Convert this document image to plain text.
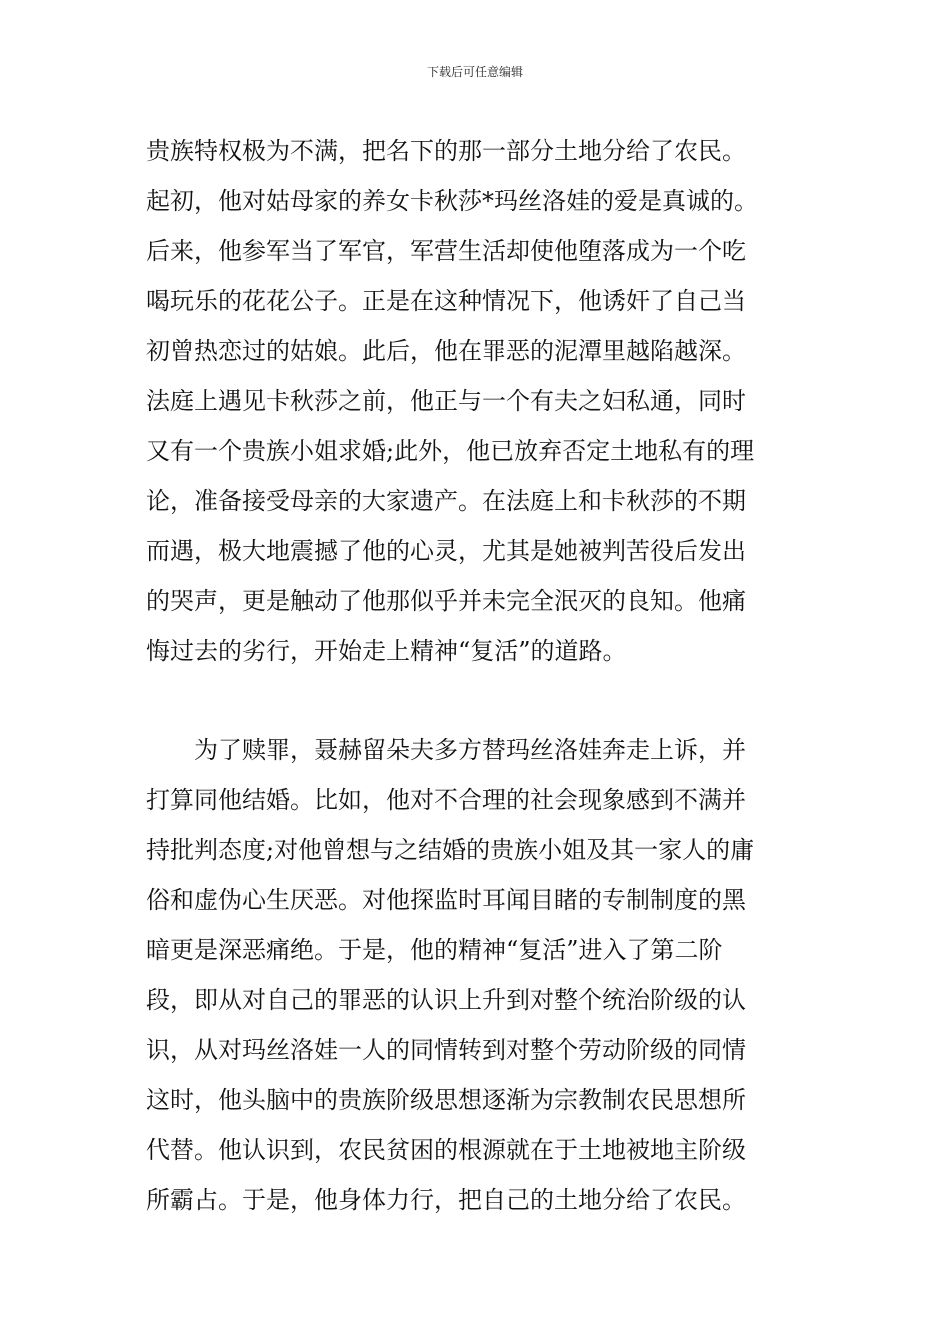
下载后可任意编辑
贵族特权极为不满，把名下的那一部分土地分给了农民。
起初，他对姑母家的养女卡秋莎*玛丝洛娃的爱是真诚的。
后来，他参军当了军官，军营生活却使他堕落成为一个吃
喝玩乐的花花公子。正是在这种情况下，他诱奸了自己当
初曾热恋过的姑娘。此后，他在罪恶的泥潭里越陷越深。
法庭上遇见卡秋莎之前，他正与一个有夫之妇私通，同时
又有一个贵族小姐求婚;此外，他已放弃否定土地私有的理
论，准备接受母亲的大家遗产。在法庭上和卡秋莎的不期
而遇，极大地震撼了他的心灵，尤其是她被判苦役后发出
的哭声，更是触动了他那似乎并未完全泯灭的良知。他痛
悔过去的劣行，开始走上精神“复活”的道路。
为了赎罪，聂赫留朵夫多方替玛丝洛娃奔走上诉，并
打算同他结婚。比如，他对不合理的社会现象感到不满并
持批判态度;对他曾想与之结婚的贵族小姐及其一家人的庸
俗和虚伪心生厌恶。对他探监时耳闻目睹的专制制度的黑
暗更是深恶痛绝。于是，他的精神“复活”进入了第二阶
段，即从对自己的罪恶的认识上升到对整个统治阶级的认
识，从对玛丝洛娃一人的同情转到对整个劳动阶级的同情
这时，他头脑中的贵族阶级思想逐渐为宗教制农民思想所
代替。他认识到，农民贫困的根源就在于土地被地主阶级
所霸占。于是，他身体力行，把自己的土地分给了农民。
